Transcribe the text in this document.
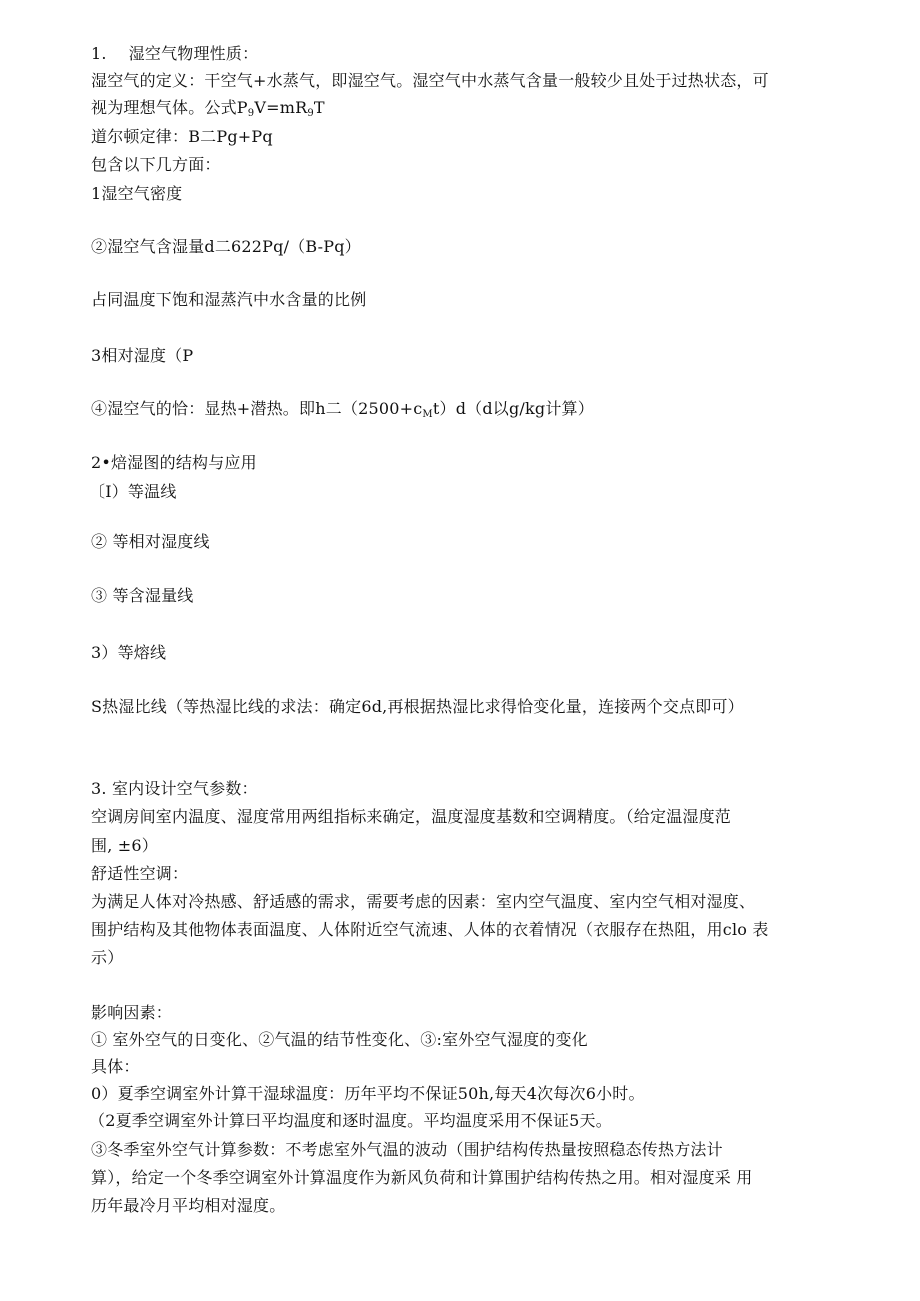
1. 湿空气物理性质：
湿空气的定义：干空气+水蒸气，即湿空气。湿空气中水蒸气含量一般较少且处于过热状态，可
视为理想气体。公式$P_9V=mR_9T$
道尔顿定律：B二Pg+Pq
包含以下几方面：
1湿空气密度
②湿空气含湿量d二622Pq/（B-Pq）
占同温度下饱和湿蒸汽中水含量的比例
3相对湿度（P
④湿空气的恰：显热+潜热。即h二$(2500+c_Mt)d(d$以g/kg计算）
2•焙湿图的结构与应用
〔I）等温线
② 等相对湿度线
③ 等含湿量线
3）等熔线
S热湿比线（等热湿比线的求法：确定6d,再根据热湿比求得恰变化量，连接两个交点即可）
3. 室内设计空气参数：
空调房间室内温度、湿度常用两组指标来确定，温度湿度基数和空调精度。（给定温湿度范
围, ±6）
舒适性空调：
为满足人体对冷热感、舒适感的需求，需要考虑的因素：室内空气温度、室内空气相对湿度、
围护结构及其他物体表面温度、人体附近空气流速、人体的衣着情况（衣服存在热阻，用clo 表
示）
影响因素：
① 室外空气的日变化、②气温的结节性变化、③:室外空气湿度的变化
具体：
0）夏季空调室外计算干湿球温度：历年平均不保证50h,每天4次每次6小时。
（2夏季空调室外计算曰平均温度和逐时温度。平均温度采用不保证5天。
③冬季室外空气计算参数：不考虑室外气温的波动（围护结构传热量按照稳态传热方法计
算），给定一个冬季空调室外计算温度作为新风负荷和计算围护结构传热之用。相对湿度采 用
历年最冷月平均相对湿度。
